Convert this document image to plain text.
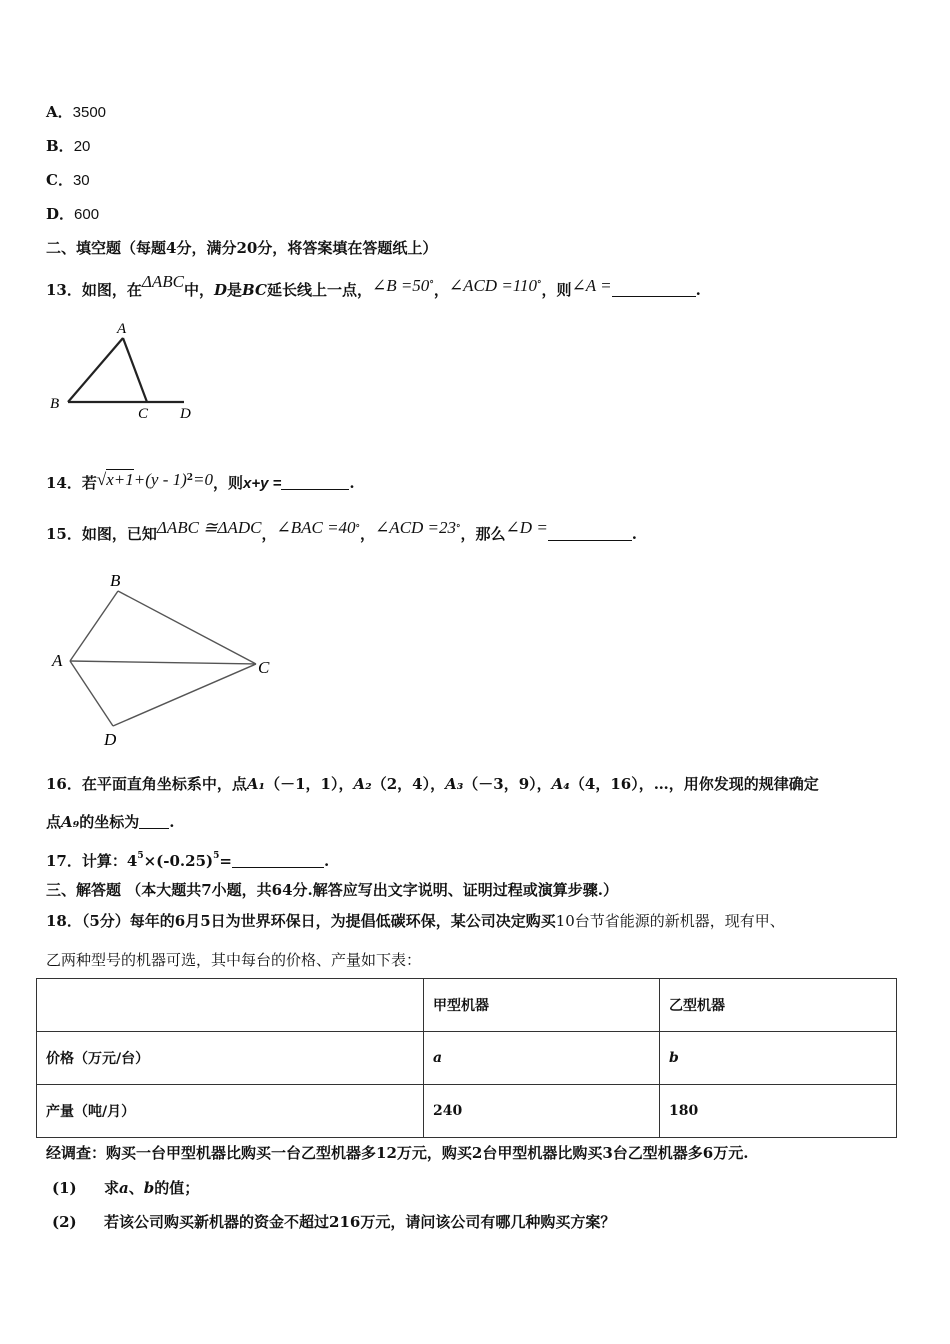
A．3500
B．20
C．30
D．600
二、填空题（每题4分，满分20分，将答案填在答题纸上）
13．如图，在ΔABC中，D是BC延长线上一点，∠B =50°，∠ACD =110°，则∠A =	.
A
B
C D
14．若√x+1+(y - 1)$^2$=0，则x+y =	.
15．如图，已知ΔABC ≅ΔADC，∠BAC =40°，∠ACD =23°，那么∠D =	.
B
A	C
D
16．在平面直角坐标系中，点A₁（－1，1），A₂（2，4），A₃（－3，9），A₄（4，16），…，用你发现的规律确定
点A₉的坐标为 .
17．计算：$4^5\times(-0.25)^5=$	.
三、解答题 （本大题共7小题，共64分.解答应写出文字说明、证明过程或演算步骤.）
18．（5分）每年的6月5日为世界环保日，为提倡低碳环保，某公司决定购买10台节省能源的新机器，现有甲、
乙两种型号的机器可选，其中每台的价格、产量如下表：
	甲型机器	乙型机器
价格（万元/台）	a	b
产量（吨/月）	240	180
经调查：购买一台甲型机器比购买一台乙型机器多12万元，购买2台甲型机器比购买3台乙型机器多6万元.
(1) 求a、b的值；
(2) 若该公司购买新机器的资金不超过216万元，请问该公司有哪几种购买方案？
